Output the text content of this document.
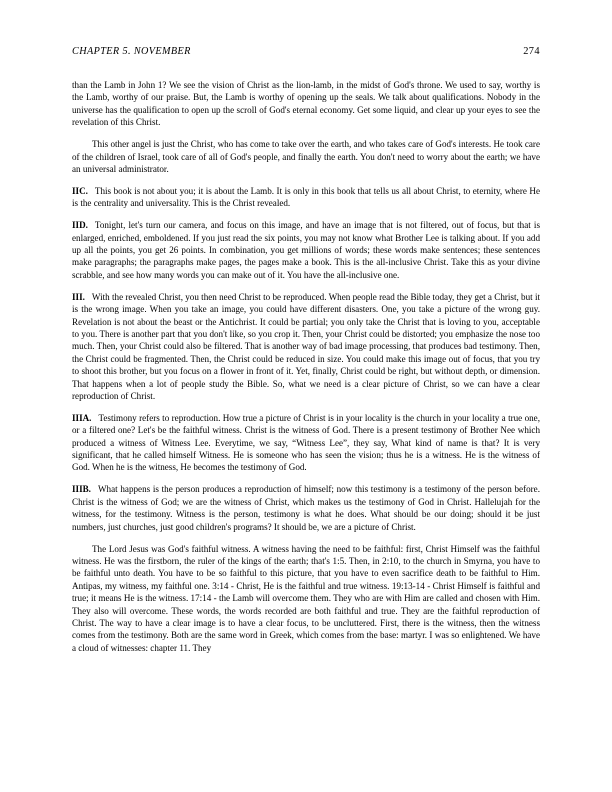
CHAPTER 5. NOVEMBER	274

than the Lamb in John 1? We see the vision of Christ as the lion-lamb, in the midst of God's throne. We used to say, worthy is the Lamb, worthy of our praise. But, the Lamb is worthy of opening up the seals. We talk about qualifications. Nobody in the universe has the qualification to open up the scroll of God's eternal economy. Get some liquid, and clear up your eyes to see the revelation of this Christ.

This other angel is just the Christ, who has come to take over the earth, and who takes care of God's interests. He took care of the children of Israel, took care of all of God's people, and finally the earth. You don't need to worry about the earth; we have an universal administrator.

IIC. This book is not about you; it is about the Lamb. It is only in this book that tells us all about Christ, to eternity, where He is the centrality and universality. This is the Christ revealed.

IID. Tonight, let's turn our camera, and focus on this image, and have an image that is not filtered, out of focus, but that is enlarged, enriched, emboldened. If you just read the six points, you may not know what Brother Lee is talking about. If you add up all the points, you get 26 points. In combination, you get millions of words; these words make sentences; these sentences make paragraphs; the paragraphs make pages, the pages make a book. This is the all-inclusive Christ. Take this as your divine scrabble, and see how many words you can make out of it. You have the all-inclusive one.

III. With the revealed Christ, you then need Christ to be reproduced. When people read the Bible today, they get a Christ, but it is the wrong image. When you take an image, you could have different disasters. One, you take a picture of the wrong guy. Revelation is not about the beast or the Antichrist. It could be partial; you only take the Christ that is loving to you, acceptable to you. There is another part that you don't like, so you crop it. Then, your Christ could be distorted; you emphasize the nose too much. Then, your Christ could also be filtered. That is another way of bad image processing, that produces bad testimony. Then, the Christ could be fragmented. Then, the Christ could be reduced in size. You could make this image out of focus, that you try to shoot this brother, but you focus on a flower in front of it. Yet, finally, Christ could be right, but without depth, or dimension. That happens when a lot of people study the Bible. So, what we need is a clear picture of Christ, so we can have a clear reproduction of Christ.

IIIA. Testimony refers to reproduction. How true a picture of Christ is in your locality is the church in your locality a true one, or a filtered one? Let's be the faithful witness. Christ is the witness of God. There is a present testimony of Brother Nee which produced a witness of Witness Lee. Everytime, we say, “Witness Lee”, they say, What kind of name is that? It is very significant, that he called himself Witness. He is someone who has seen the vision; thus he is a witness. He is the witness of God. When he is the witness, He becomes the testimony of God.

IIIB. What happens is the person produces a reproduction of himself; now this testimony is a testimony of the person before. Christ is the witness of God; we are the witness of Christ, which makes us the testimony of God in Christ. Hallelujah for the witness, for the testimony. Witness is the person, testimony is what he does. What should be our doing; should it be just numbers, just churches, just good children's programs? It should be, we are a picture of Christ.

The Lord Jesus was God's faithful witness. A witness having the need to be faithful: first, Christ Himself was the faithful witness. He was the firstborn, the ruler of the kings of the earth; that's 1:5. Then, in 2:10, to the church in Smyrna, you have to be faithful unto death. You have to be so faithful to this picture, that you have to even sacrifice death to be faithful to Him. Antipas, my witness, my faithful one. 3:14 - Christ, He is the faithful and true witness. 19:13-14 - Christ Himself is faithful and true; it means He is the witness. 17:14 - the Lamb will overcome them. They who are with Him are called and chosen with Him. They also will overcome. These words, the words recorded are both faithful and true. They are the faithful reproduction of Christ. The way to have a clear image is to have a clear focus, to be uncluttered. First, there is the witness, then the witness comes from the testimony. Both are the same word in Greek, which comes from the base: martyr. I was so enlightened. We have a cloud of witnesses: chapter 11. They
